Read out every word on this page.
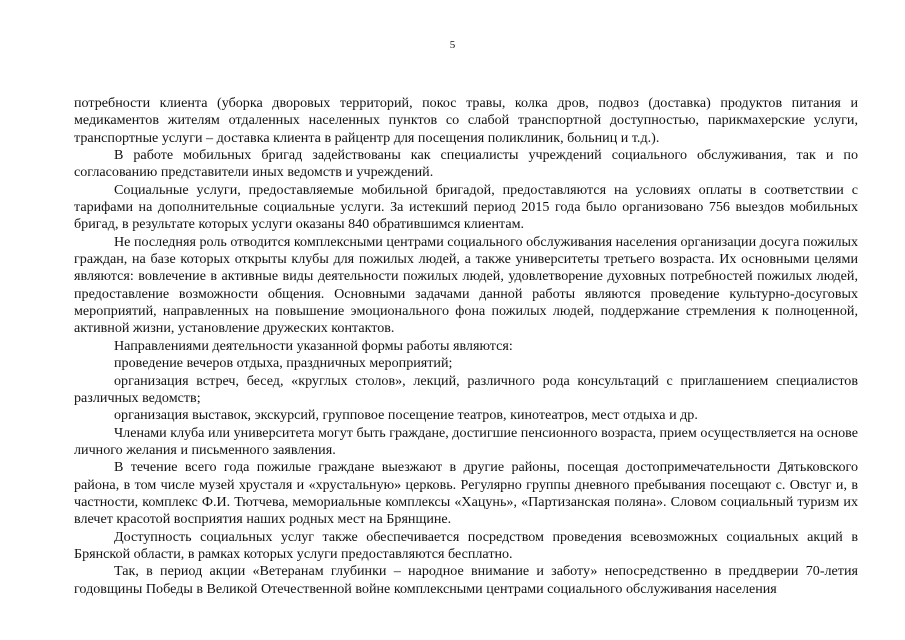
5

потребности клиента (уборка дворовых территорий, покос травы, колка дров, подвоз (доставка) продуктов питания и медикаментов жителям отдаленных населенных пунктов со слабой транспортной доступностью, парикмахерские услуги, транспортные услуги – доставка клиента в райцентр для посещения поликлиник, больниц и т.д.).

В работе мобильных бригад задействованы как специалисты учреждений социального обслуживания, так и по согласованию представители иных ведомств и учреждений.

Социальные услуги, предоставляемые мобильной бригадой, предоставляются на условиях оплаты в соответствии с тарифами на дополнительные социальные услуги. За истекший период 2015 года было организовано 756 выездов мобильных бригад, в результате которых услуги оказаны 840 обратившимся клиентам.

Не последняя роль отводится комплексными центрами социального обслуживания населения организации досуга пожилых граждан, на базе которых открыты клубы для пожилых людей, а также университеты третьего возраста. Их основными целями являются: вовлечение в активные виды деятельности пожилых людей, удовлетворение духовных потребностей пожилых людей, предоставление возможности общения. Основными задачами данной работы являются проведение культурно-досуговых мероприятий, направленных на повышение эмоционального фона пожилых людей, поддержание стремления к полноценной, активной жизни, установление дружеских контактов.

Направлениями деятельности указанной формы работы являются:

проведение вечеров отдыха, праздничных мероприятий;

организация встреч, бесед, «круглых столов», лекций, различного рода консультаций с приглашением специалистов различных ведомств;

организация выставок, экскурсий, групповое посещение театров, кинотеатров, мест отдыха и др.

Членами клуба или университета могут быть граждане, достигшие пенсионного возраста, прием осуществляется на основе личного желания и письменного заявления.

В течение всего года пожилые граждане выезжают в другие районы, посещая достопримечательности Дятьковского района, в том числе музей хрусталя и «хрустальную» церковь. Регулярно группы дневного пребывания посещают с. Овстуг и, в частности, комплекс Ф.И. Тютчева, мемориальные комплексы «Хацунь», «Партизанская поляна». Словом социальный туризм их влечет красотой восприятия наших родных мест на Брянщине.

Доступность социальных услуг также обеспечивается посредством проведения всевозможных социальных акций в Брянской области, в рамках которых услуги предоставляются бесплатно.

Так, в период акции «Ветеранам глубинки – народное внимание и заботу» непосредственно в преддверии 70-летия годовщины Победы в Великой Отечественной войне комплексными центрами социального обслуживания населения
